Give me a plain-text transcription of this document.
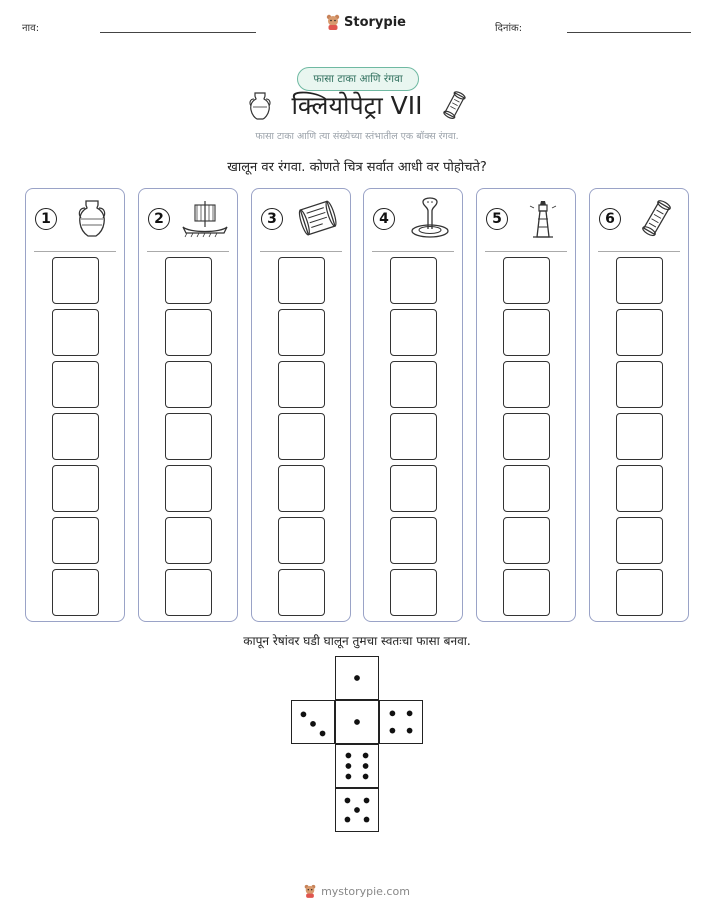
नाव:	Storypie	दिनांक:
फासा टाका आणि रंगवा
क्लियोपेट्रा VII
फासा टाका आणि त्या संख्येच्या स्तंभातील एक बॉक्स रंगवा.
खालून वर रंगवा. कोणते चित्र सर्वात आधी वर पोहोचते?
1	2	3	4	5	6
कापून रेषांवर घडी घालून तुमचा स्वतःचा फासा बनवा.
mystorypie.com
